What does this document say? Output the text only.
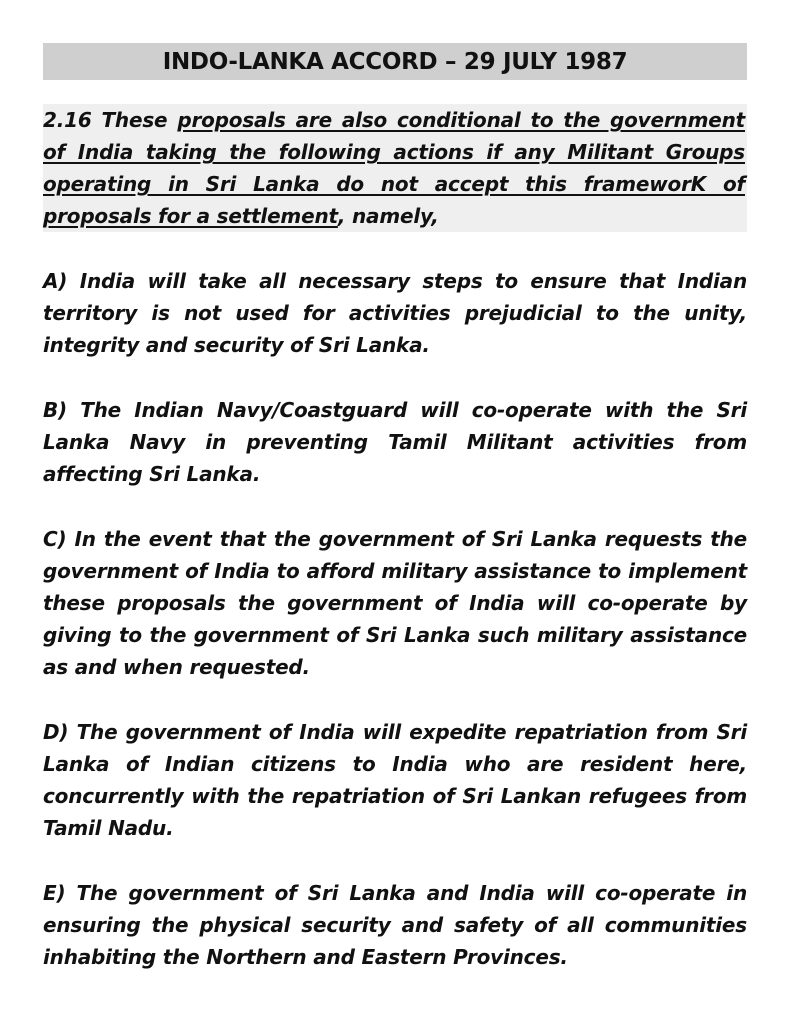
INDO-LANKA ACCORD – 29 JULY 1987
2.16 These proposals are also conditional to the government of India taking the following actions if any Militant Groups operating in Sri Lanka do not accept this frameworK of proposals for a settlement, namely,
A) India will take all necessary steps to ensure that Indian territory is not used for activities prejudicial to the unity, integrity and security of Sri Lanka.
B) The Indian Navy/Coastguard will co-operate with the Sri Lanka Navy in preventing Tamil Militant activities from affecting Sri Lanka.
C) In the event that the government of Sri Lanka requests the government of India to afford military assistance to implement these proposals the government of India will co-operate by giving to the government of Sri Lanka such military assistance as and when requested.
D) The government of India will expedite repatriation from Sri Lanka of Indian citizens to India who are resident here, concurrently with the repatriation of Sri Lankan refugees from Tamil Nadu.
E) The government of Sri Lanka and India will co-operate in ensuring the physical security and safety of all communities inhabiting the Northern and Eastern Provinces.
